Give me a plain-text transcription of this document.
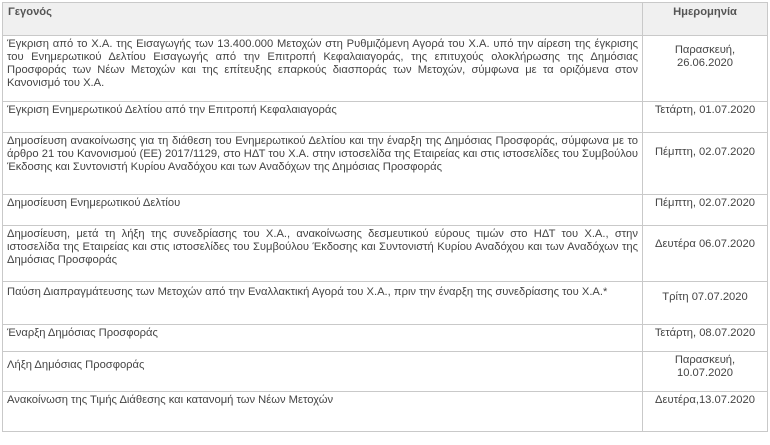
Γεγονός	Ημερομηνία
Έγκριση από το Χ.Α. της Εισαγωγής των 13.400.000 Μετοχών στη Ρυθμιζόμενη Αγορά του Χ.Α. υπό την αίρεση της έγκρισης του Ενημερωτικού Δελτίου Εισαγωγής από την Επιτροπή Κεφαλαιαγοράς, της επιτυχούς ολοκλήρωσης της Δημόσιας Προσφοράς των Νέων Μετοχών και της επίτευξης επαρκούς διασποράς των Μετοχών, σύμφωνα με τα οριζόμενα στον Κανονισμό του Χ.Α.	Παρασκευή, 26.06.2020
Έγκριση Ενημερωτικού Δελτίου από την Επιτροπή Κεφαλαιαγοράς	Τετάρτη, 01.07.2020
Δημοσίευση ανακοίνωσης για τη διάθεση του Ενημερωτικού Δελτίου και την έναρξη της Δημόσιας Προσφοράς, σύμφωνα με το άρθρο 21 του Κανονισμού (ΕΕ) 2017/1129, στο ΗΔΤ του Χ.Α. στην ιστοσελίδα της Εταιρείας και στις ιστοσελίδες του Συμβούλου Έκδοσης και Συντονιστή Κυρίου Αναδόχου και των Αναδόχων της Δημόσιας Προσφοράς	Πέμπτη, 02.07.2020
Δημοσίευση Ενημερωτικού Δελτίου	Πέμπτη, 02.07.2020
Δημοσίευση, μετά τη λήξη της συνεδρίασης του Χ.Α., ανακοίνωσης δεσμευτικού εύρους τιμών στο ΗΔΤ του Χ.Α., στην ιστοσελίδα της Εταιρείας και στις ιστοσελίδες του Συμβούλου Έκδοσης και Συντονιστή Κυρίου Αναδόχου και των Αναδόχων της Δημόσιας Προσφοράς	Δευτέρα 06.07.2020
Παύση Διαπραγμάτευσης των Μετοχών από την Εναλλακτική Αγορά του Χ.Α., πριν την έναρξη της συνεδρίασης του Χ.Α.*	Τρίτη 07.07.2020
Έναρξη Δημόσιας Προσφοράς	Τετάρτη, 08.07.2020
Λήξη Δημόσιας Προσφοράς	Παρασκευή, 10.07.2020
Ανακοίνωση της Τιμής Διάθεσης και κατανομή των Νέων Μετοχών	Δευτέρα,13.07.2020
